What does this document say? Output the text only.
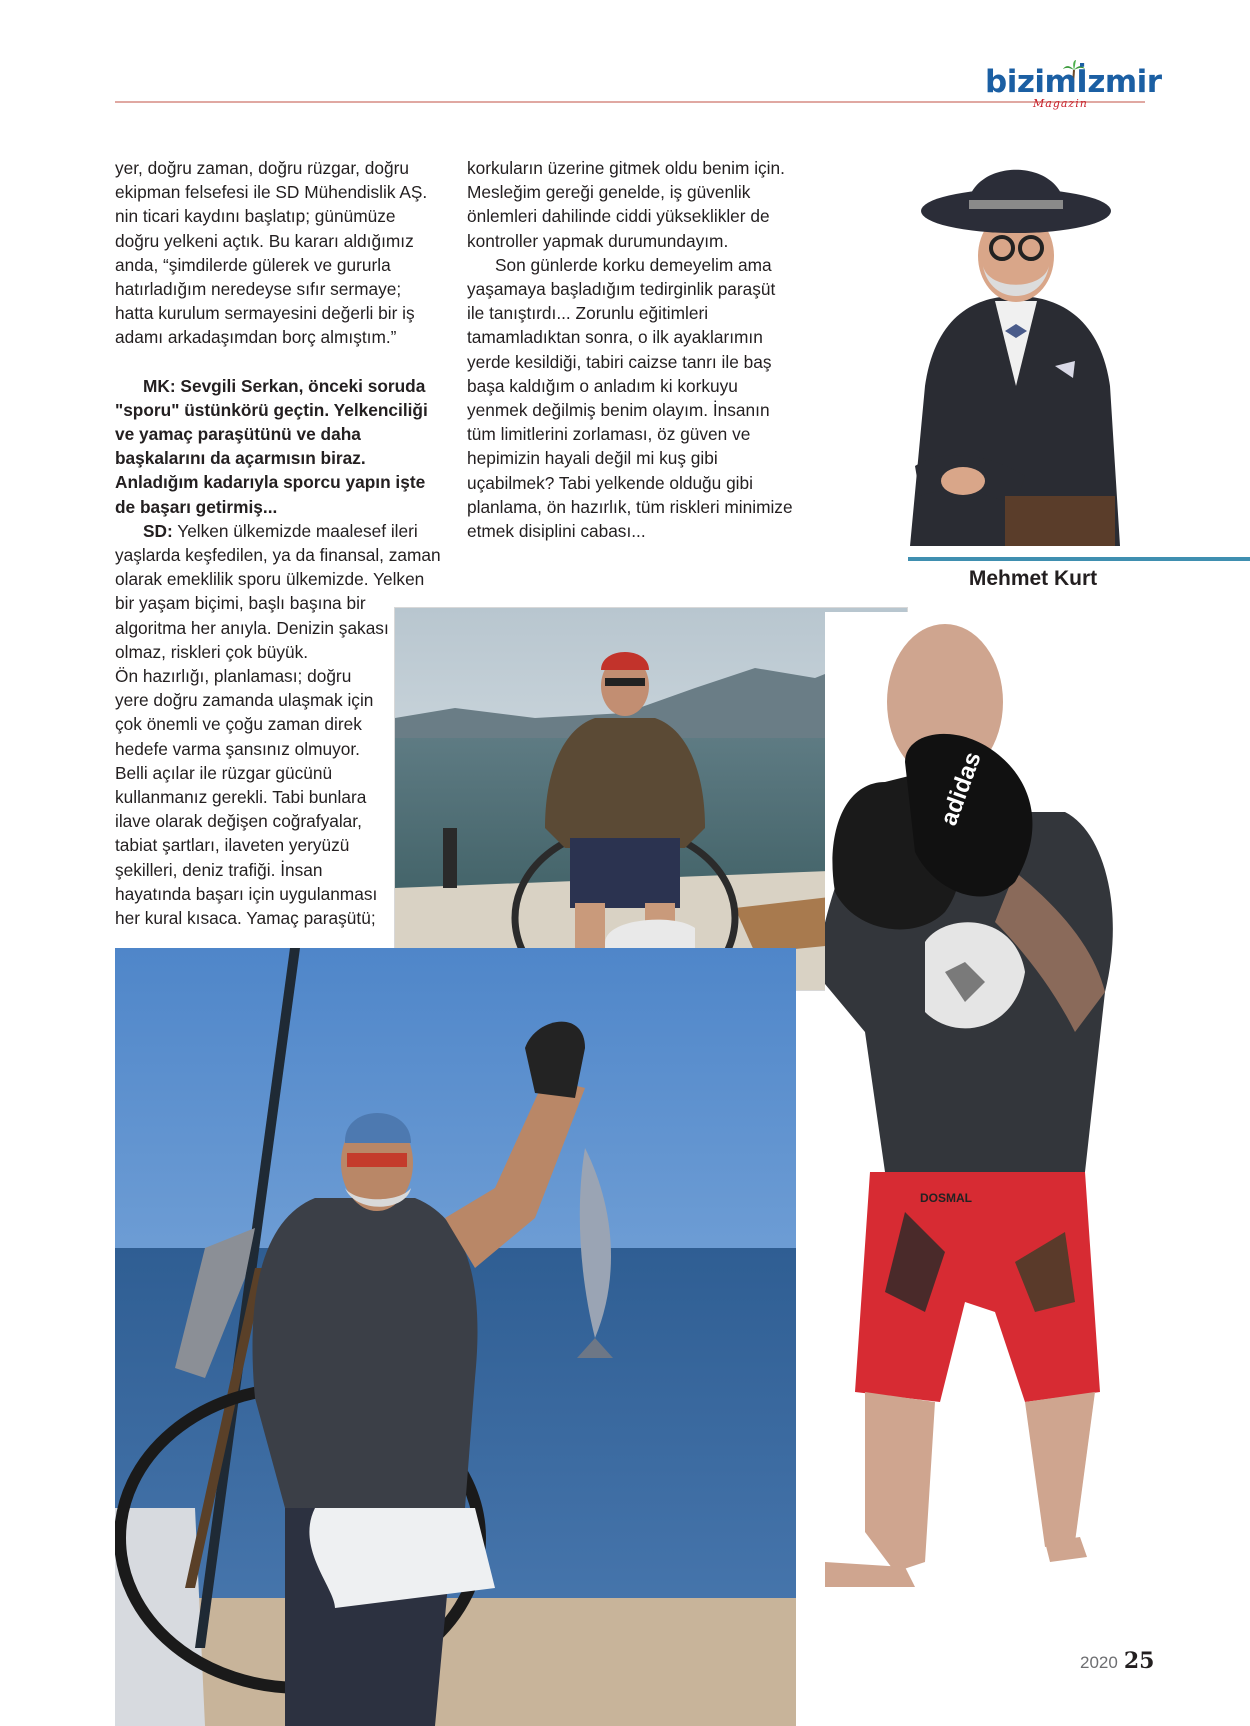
bizimİzmir
Magazin

yer, doğru zaman, doğru rüzgar, doğru ekipman felsefesi ile SD Mühendislik AŞ. nin ticari kaydını başlatıp; günümüze doğru yelkeni açtık. Bu kararı aldığımız anda, “şimdilerde gülerek ve gururla hatırladığım neredeyse sıfır sermaye; hatta kurulum sermayesini değerli bir iş adamı arkadaşımdan borç almıştım.”

MK: Sevgili Serkan, önceki soruda "sporu" üstünkörü geçtin. Yelkenciliği ve yamaç paraşütünü ve daha başkalarını da açarmısın biraz. Anladığım kadarıyla sporcu yapın işte de başarı getirmiş...

SD: Yelken ülkemizde maalesef ileri yaşlarda keşfedilen, ya da finansal, zaman olarak emeklilik sporu ülkemizde. Yelken bir yaşam biçimi, başlı başına bir algoritma her anıyla. Denizin şakası olmaz, riskleri çok büyük.

Ön hazırlığı, planlaması; doğru yere doğru zamanda ulaşmak için çok önemli ve çoğu zaman direk hedefe varma şansınız olmuyor. Belli açılar ile rüzgar gücünü kullanmanız gerekli. Tabi bunlara ilave olarak değişen coğrafyalar, tabiat şartları, ilaveten yeryüzü şekilleri, deniz trafiği. İnsan hayatında başarı için uygulanması her kural kısaca. Yamaç paraşütü;

korkuların üzerine gitmek oldu benim için. Mesleğim gereği genelde, iş güvenlik önlemleri dahilinde ciddi yükseklikler de kontroller yapmak durumundayım.

Son günlerde korku demeyelim ama yaşamaya başladığım tedirginlik paraşüt ile tanıştırdı... Zorunlu eğitimleri tamamladıktan sonra, o ilk ayaklarımın yerde kesildiği, tabiri caizse tanrı ile baş başa kaldığım o anladım ki korkuyu yenmek değilmiş benim olayım. İnsanın tüm limitlerini zorlaması, öz güven ve hepimizin hayali değil mi kuş gibi uçabilmek? Tabi yelkende olduğu gibi planlama, ön hazırlık, tüm riskleri minimize etmek disiplini cabası...

Mehmet Kurt
adidas
DOSMAL
2020 25
